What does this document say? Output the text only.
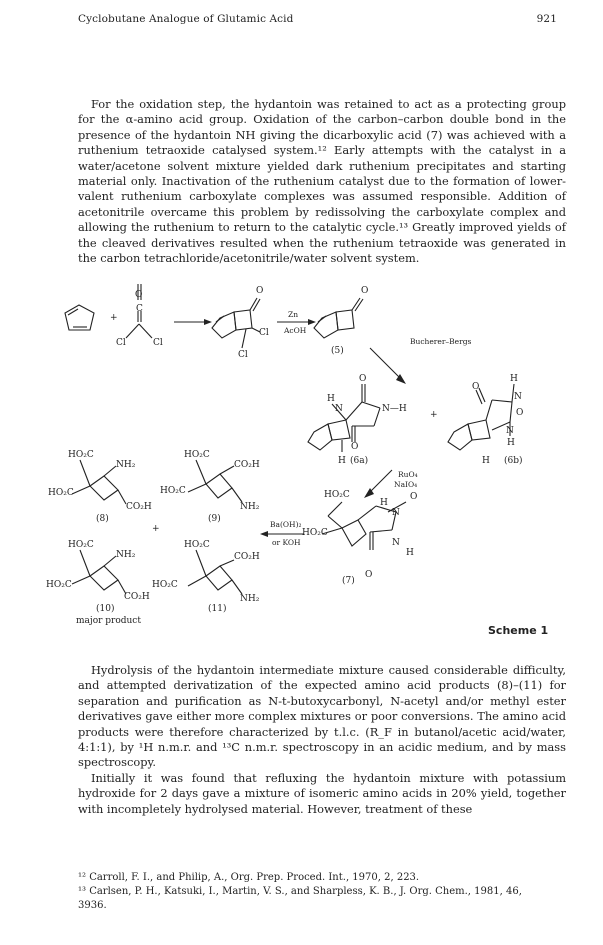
Cyclobutane Analogue of Glutamic Acid	921

For the oxidation step, the hydantoin was retained to act as a protecting group for the α-amino acid group. Oxidation of the carbon–carbon double bond in the presence of the hydantoin NH giving the dicarboxylic acid (7) was achieved with a ruthenium tetraoxide catalysed system.¹² Early attempts with the catalyst in a water/acetone solvent mixture yielded dark ruthenium precipitates and starting material only. Inactivation of the ruthenium catalyst due to the formation of lower-valent ruthenium carboxylate complexes was assumed responsible. Addition of acetonitrile overcame this problem by redissolving the carboxylate complex and allowing the ruthenium to return to the catalytic cycle.¹³ Greatly improved yields of the cleaved derivatives resulted when the ruthenium tetraoxide was generated in the carbon tetrachloride/acetonitrile/water solvent system.

O
C
+
Cl	Cl
O
Cl
Cl
Zn
AcOH
O
(5)
Bucherer–Bergs
O
H
N	N—H
O
H (6a)
+
O
H
N
O
N
H
H (6b)
RuO₄
NaIO₄
HO₂C
H
N
O
HO₂C
N
H
O
(7)
Ba(OH)₂
or KOH
HO₂C
NH₂
HO₂C
CO₂H
(8)
HO₂C
CO₂H
HO₂C
NH₂
(9)
+
HO₂C
NH₂
HO₂C
CO₂H
(10)
major product
HO₂C
CO₂H
HO₂C
NH₂
(11)
Scheme 1

Hydrolysis of the hydantoin intermediate mixture caused considerable difficulty, and attempted derivatization of the expected amino acid products (8)–(11) for separation and purification as N-t-butoxycarbonyl, N-acetyl and/or methyl ester derivatives gave either more complex mixtures or poor conversions. The amino acid products were therefore characterized by t.l.c. (R_F in butanol/acetic acid/water, 4:1:1), by ¹H n.m.r. and ¹³C n.m.r. spectroscopy in an acidic medium, and by mass spectroscopy.

Initially it was found that refluxing the hydantoin mixture with potassium hydroxide for 2 days gave a mixture of isomeric amino acids in 20% yield, together with incompletely hydrolysed material. However, treatment of these

¹² Carroll, F. I., and Philip, A., Org. Prep. Proced. Int., 1970, 2, 223.
¹³ Carlsen, P. H., Katsuki, I., Martin, V. S., and Sharpless, K. B., J. Org. Chem., 1981, 46,
3936.
